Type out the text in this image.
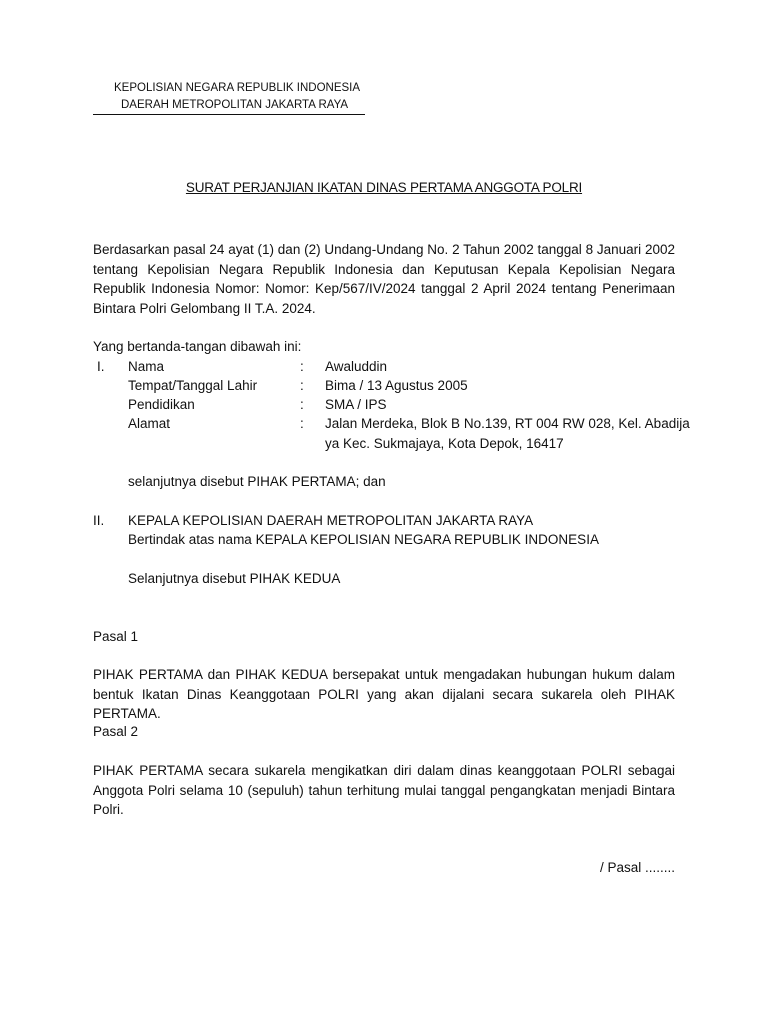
KEPOLISIAN NEGARA REPUBLIK INDONESIA
DAERAH METROPOLITAN JAKARTA RAYA
SURAT PERJANJIAN IKATAN DINAS PERTAMA ANGGOTA POLRI
Berdasarkan pasal 24 ayat (1) dan (2) Undang-Undang No. 2 Tahun 2002 tanggal 8 Januari 2002 tentang Kepolisian Negara Republik Indonesia dan Keputusan Kepala Kepolisian Negara Republik Indonesia Nomor: Nomor: Kep/567/IV/2024 tanggal 2 April 2024 tentang Penerimaan Bintara Polri Gelombang II T.A. 2024.
Yang bertanda-tangan dibawah ini:
I. Nama	: Awaluddin
Tempat/Tanggal Lahir	: Bima / 13 Agustus 2005
Pendidikan	: SMA / IPS
Alamat	: Jalan Merdeka, Blok B No.139, RT 004 RW 028, Kel. Abadija
ya Kec. Sukmajaya, Kota Depok, 16417
selanjutnya disebut PIHAK PERTAMA; dan
II. KEPALA KEPOLISIAN DAERAH METROPOLITAN JAKARTA RAYA
Bertindak atas nama KEPALA KEPOLISIAN NEGARA REPUBLIK INDONESIA
Selanjutnya disebut PIHAK KEDUA
Pasal 1
PIHAK PERTAMA dan PIHAK KEDUA bersepakat untuk mengadakan hubungan hukum dalam bentuk Ikatan Dinas Keanggotaan POLRI yang akan dijalani secara sukarela oleh PIHAK PERTAMA.
Pasal 2
PIHAK PERTAMA secara sukarela mengikatkan diri dalam dinas keanggotaan POLRI sebagai Anggota Polri selama 10 (sepuluh) tahun terhitung mulai tanggal pengangkatan menjadi Bintara Polri.
/ Pasal ........
